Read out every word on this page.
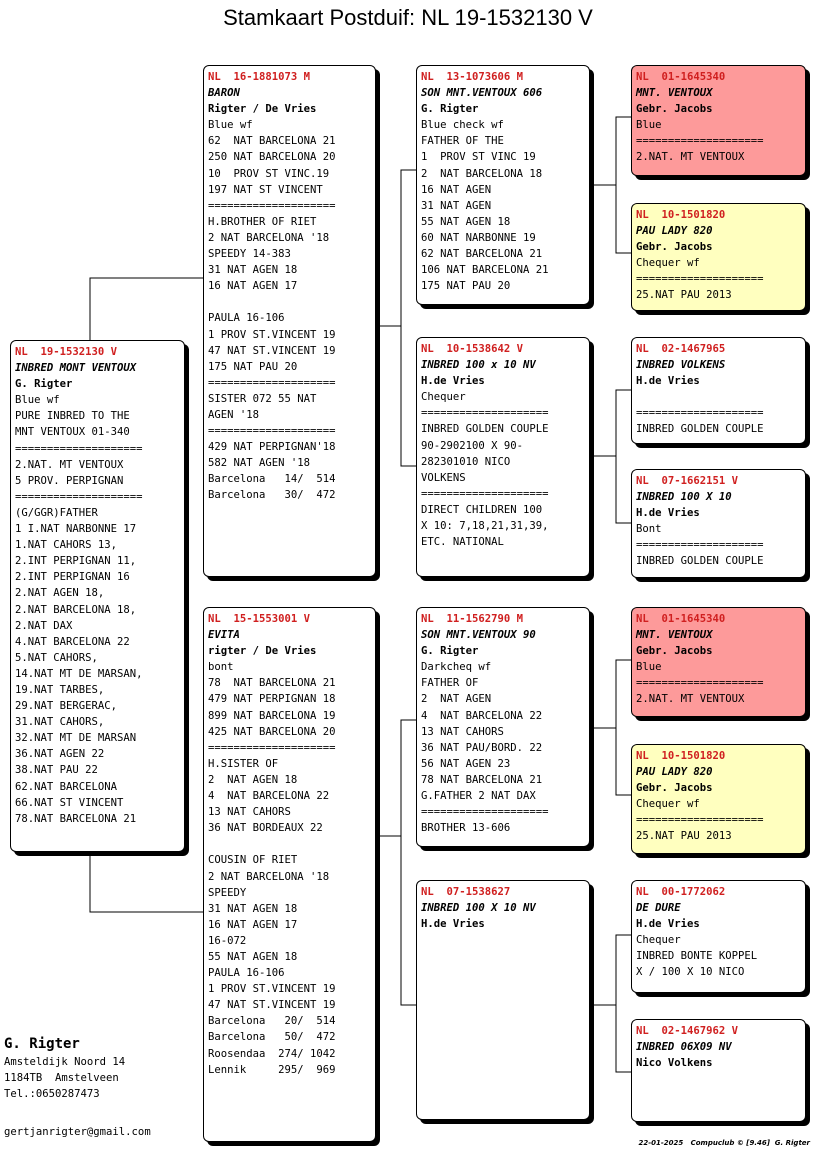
Stamkaart Postduif: NL 19-1532130 V
NL  19-1532130 V
INBRED MONT VENTOUX
G. Rigter
Blue wf
PURE INBRED TO THE
MNT VENTOUX 01-340
====================
2.NAT. MT VENTOUX
5 PROV. PERPIGNAN
====================
(G/GGR)FATHER
1 I.NAT NARBONNE 17
1.NAT CAHORS 13,
2.INT PERPIGNAN 11,
2.INT PERPIGNAN 16
2.NAT AGEN 18,
2.NAT BARCELONA 18,
2.NAT DAX
4.NAT BARCELONA 22
5.NAT CAHORS,
14.NAT MT DE MARSAN,
19.NAT TARBES,
29.NAT BERGERAC,
31.NAT CAHORS,
32.NAT MT DE MARSAN
36.NAT AGEN 22
38.NAT PAU 22
62.NAT BARCELONA
66.NAT ST VINCENT
78.NAT BARCELONA 21
NL  16-1881073 M
BARON
Rigter / De Vries
Blue wf
62  NAT BARCELONA 21
250 NAT BARCELONA 20
10  PROV ST VINC.19
197 NAT ST VINCENT
====================
H.BROTHER OF RIET
2 NAT BARCELONA '18
SPEEDY 14-383
31 NAT AGEN 18
16 NAT AGEN 17
PAULA 16-106
1 PROV ST.VINCENT 19
47 NAT ST.VINCENT 19
175 NAT PAU 20
====================
SISTER 072 55 NAT
AGEN '18
====================
429 NAT PERPIGNAN'18
582 NAT AGEN '18
Barcelona   14/  514
Barcelona   30/  472
NL  15-1553001 V
EVITA
rigter / De Vries
bont
78  NAT BARCELONA 21
479 NAT PERPIGNAN 18
899 NAT BARCELONA 19
425 NAT BARCELONA 20
====================
H.SISTER OF
2  NAT AGEN 18
4  NAT BARCELONA 22
13 NAT CAHORS
36 NAT BORDEAUX 22
COUSIN OF RIET
2 NAT BARCELONA '18
SPEEDY
31 NAT AGEN 18
16 NAT AGEN 17
16-072
55 NAT AGEN 18
PAULA 16-106
1 PROV ST.VINCENT 19
47 NAT ST.VINCENT 19
Barcelona   20/  514
Barcelona   50/  472
Roosendaa  274/ 1042
Lennik     295/  969
NL  13-1073606 M
SON MNT.VENTOUX 606
G. Rigter
Blue check wf
FATHER OF THE
1  PROV ST VINC 19
2  NAT BARCELONA 18
16 NAT AGEN
31 NAT AGEN
55 NAT AGEN 18
60 NAT NARBONNE 19
62 NAT BARCELONA 21
106 NAT BARCELONA 21
175 NAT PAU 20
NL  10-1538642 V
INBRED 100 x 10 NV
H.de Vries
Chequer
====================
INBRED GOLDEN COUPLE
90-2902100 X 90-
282301010 NICO
VOLKENS
====================
DIRECT CHILDREN 100
X 10: 7,18,21,31,39,
ETC. NATIONAL
NL  11-1562790 M
SON MNT.VENTOUX 90
G. Rigter
Darkcheq wf
FATHER OF
2  NAT AGEN
4  NAT BARCELONA 22
13 NAT CAHORS
36 NAT PAU/BORD. 22
56 NAT AGEN 23
78 NAT BARCELONA 21
G.FATHER 2 NAT DAX
====================
BROTHER 13-606
NL  07-1538627
INBRED 100 X 10 NV
H.de Vries
NL  01-1645340
MNT. VENTOUX
Gebr. Jacobs
Blue
====================
2.NAT. MT VENTOUX
NL  10-1501820
PAU LADY 820
Gebr. Jacobs
Chequer wf
====================
25.NAT PAU 2013
NL  02-1467965
INBRED VOLKENS
H.de Vries
====================
INBRED GOLDEN COUPLE
NL  07-1662151 V
INBRED 100 X 10
H.de Vries
Bont
====================
INBRED GOLDEN COUPLE
NL  01-1645340
MNT. VENTOUX
Gebr. Jacobs
Blue
====================
2.NAT. MT VENTOUX
NL  10-1501820
PAU LADY 820
Gebr. Jacobs
Chequer wf
====================
25.NAT PAU 2013
NL  00-1772062
DE DURE
H.de Vries
Chequer
INBRED BONTE KOPPEL
X / 100 X 10 NICO
NL  02-1467962 V
INBRED 06X09 NV
Nico Volkens
G. Rigter
Amsteldijk Noord 14
1184TB  Amstelveen
Tel.:0650287473
gertjanrigter@gmail.com
22-01-2025   Compuclub © [9.46]  G. Rigter
